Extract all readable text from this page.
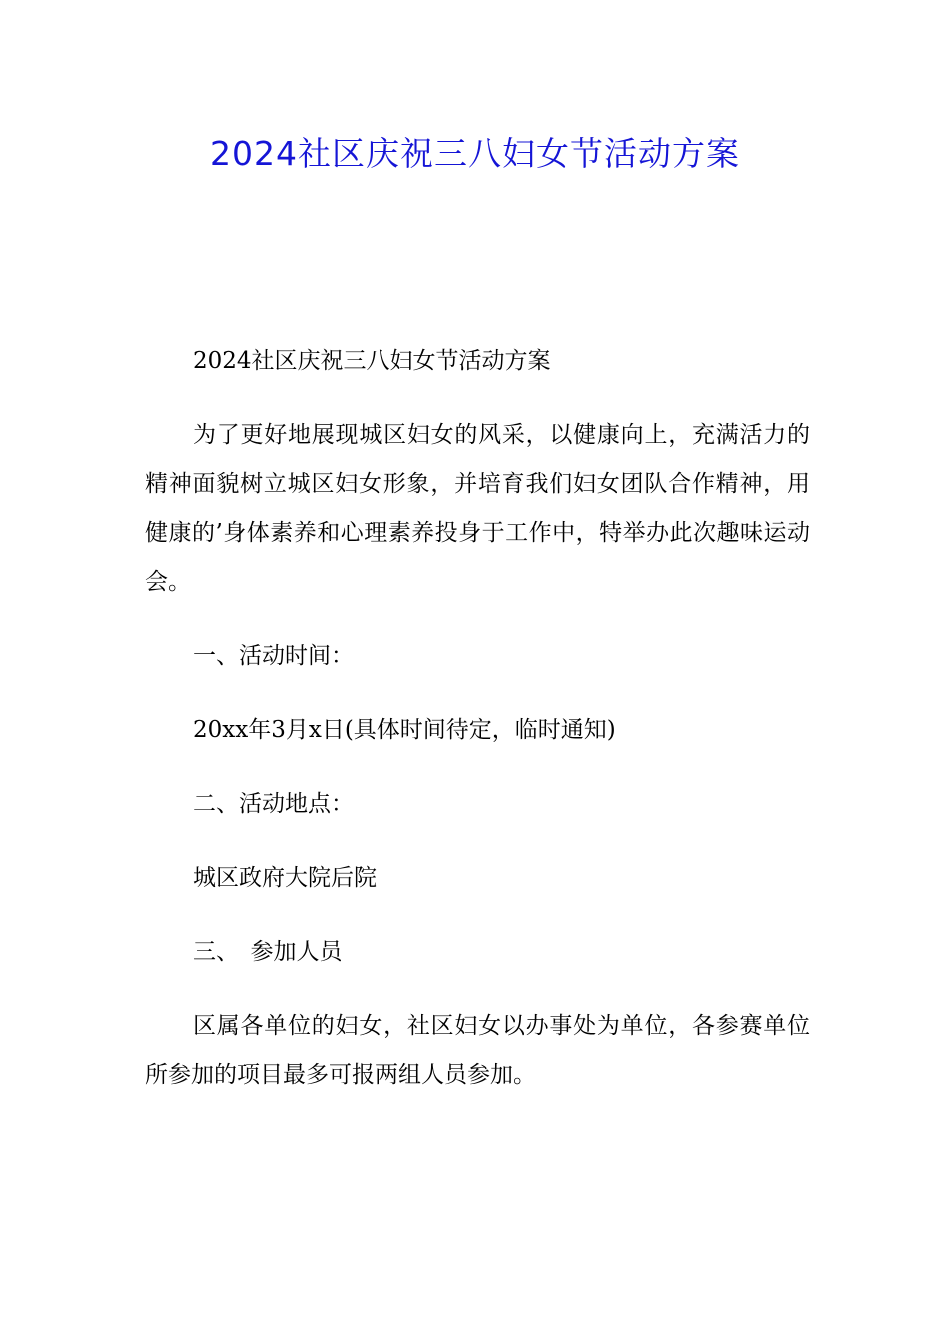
2024社区庆祝三八妇女节活动方案

2024社区庆祝三八妇女节活动方案

为了更好地展现城区妇女的风采，以健康向上，充满活力的精神面貌树立城区妇女形象，并培育我们妇女团队合作精神，用健康的’身体素养和心理素养投身于工作中，特举办此次趣味运动会。

一、活动时间：

20xx年3月x日(具体时间待定，临时通知)

二、活动地点：

城区政府大院后院

三、　参加人员

区属各单位的妇女，社区妇女以办事处为单位，各参赛单位所参加的项目最多可报两组人员参加。
